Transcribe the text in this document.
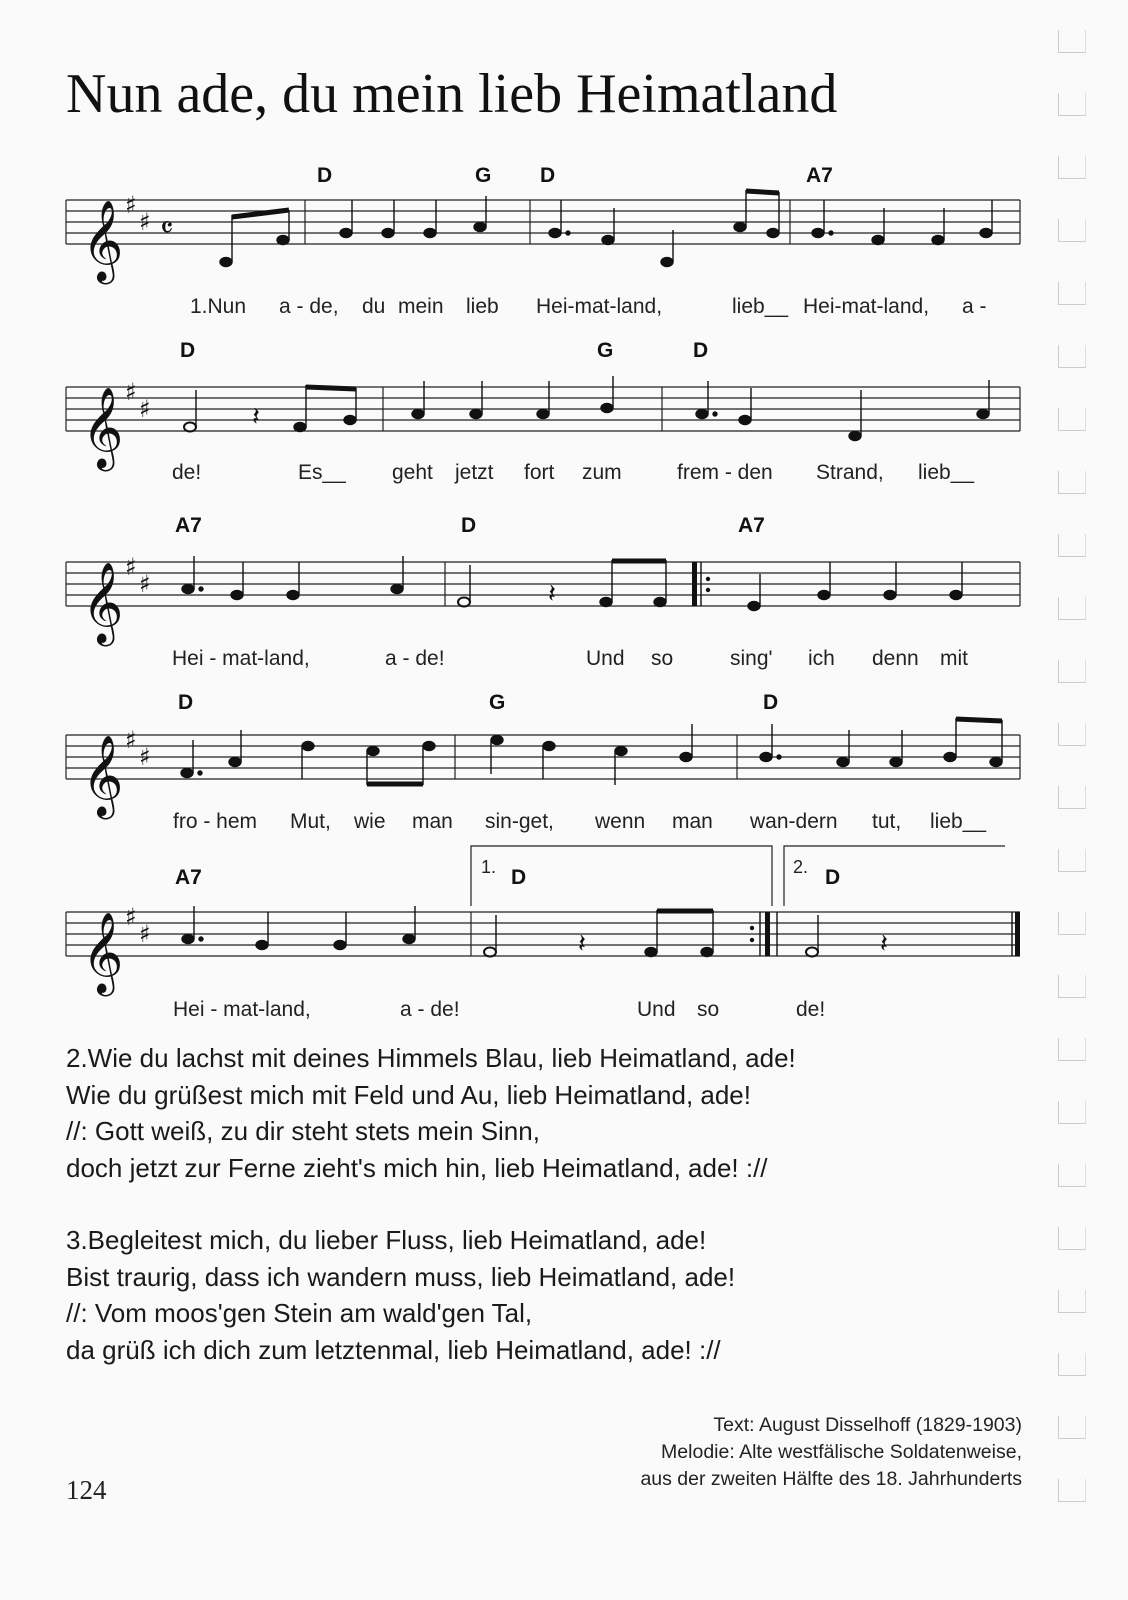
Nun ade, du mein lieb Heimatland
𝄞 ♯
♯ 𝄴
D	G D	A7
1.Nun a - de, du mein lieb Hei-mat-land,	lieb__ Hei-mat-land, a -
𝄞 ♯
♯	𝄽
D	G	D
de!	Es__ geht jetzt fort zum	frem - den Strand, lieb__
𝄞 ♯
♯	𝄽
A7	D	A7
Hei - mat-land,	a - de!	Und so	sing' ich denn mit
𝄞 ♯
♯
D	G	D
fro - hem Mut, wie man sin-get, wenn man wan-dern tut, lieb__
𝄞 ♯
♯	𝄽	𝄽
1.	2.
A7	D	D
Hei - mat-land,	a - de!	Und so	de!
2.Wie du lachst mit deines Himmels Blau, lieb Heimatland, ade!
Wie du grüßest mich mit Feld und Au, lieb Heimatland, ade!
//: Gott weiß, zu dir steht stets mein Sinn,
doch jetzt zur Ferne zieht's mich hin, lieb Heimatland, ade! ://
3.Begleitest mich, du lieber Fluss, lieb Heimatland, ade!
Bist traurig, dass ich wandern muss, lieb Heimatland, ade!
//: Vom moos'gen Stein am wald'gen Tal,
da grüß ich dich zum letztenmal, lieb Heimatland, ade! ://
Text: August Disselhoff (1829-1903)
Melodie: Alte westfälische Soldatenweise,
aus der zweiten Hälfte des 18. Jahrhunderts
124
